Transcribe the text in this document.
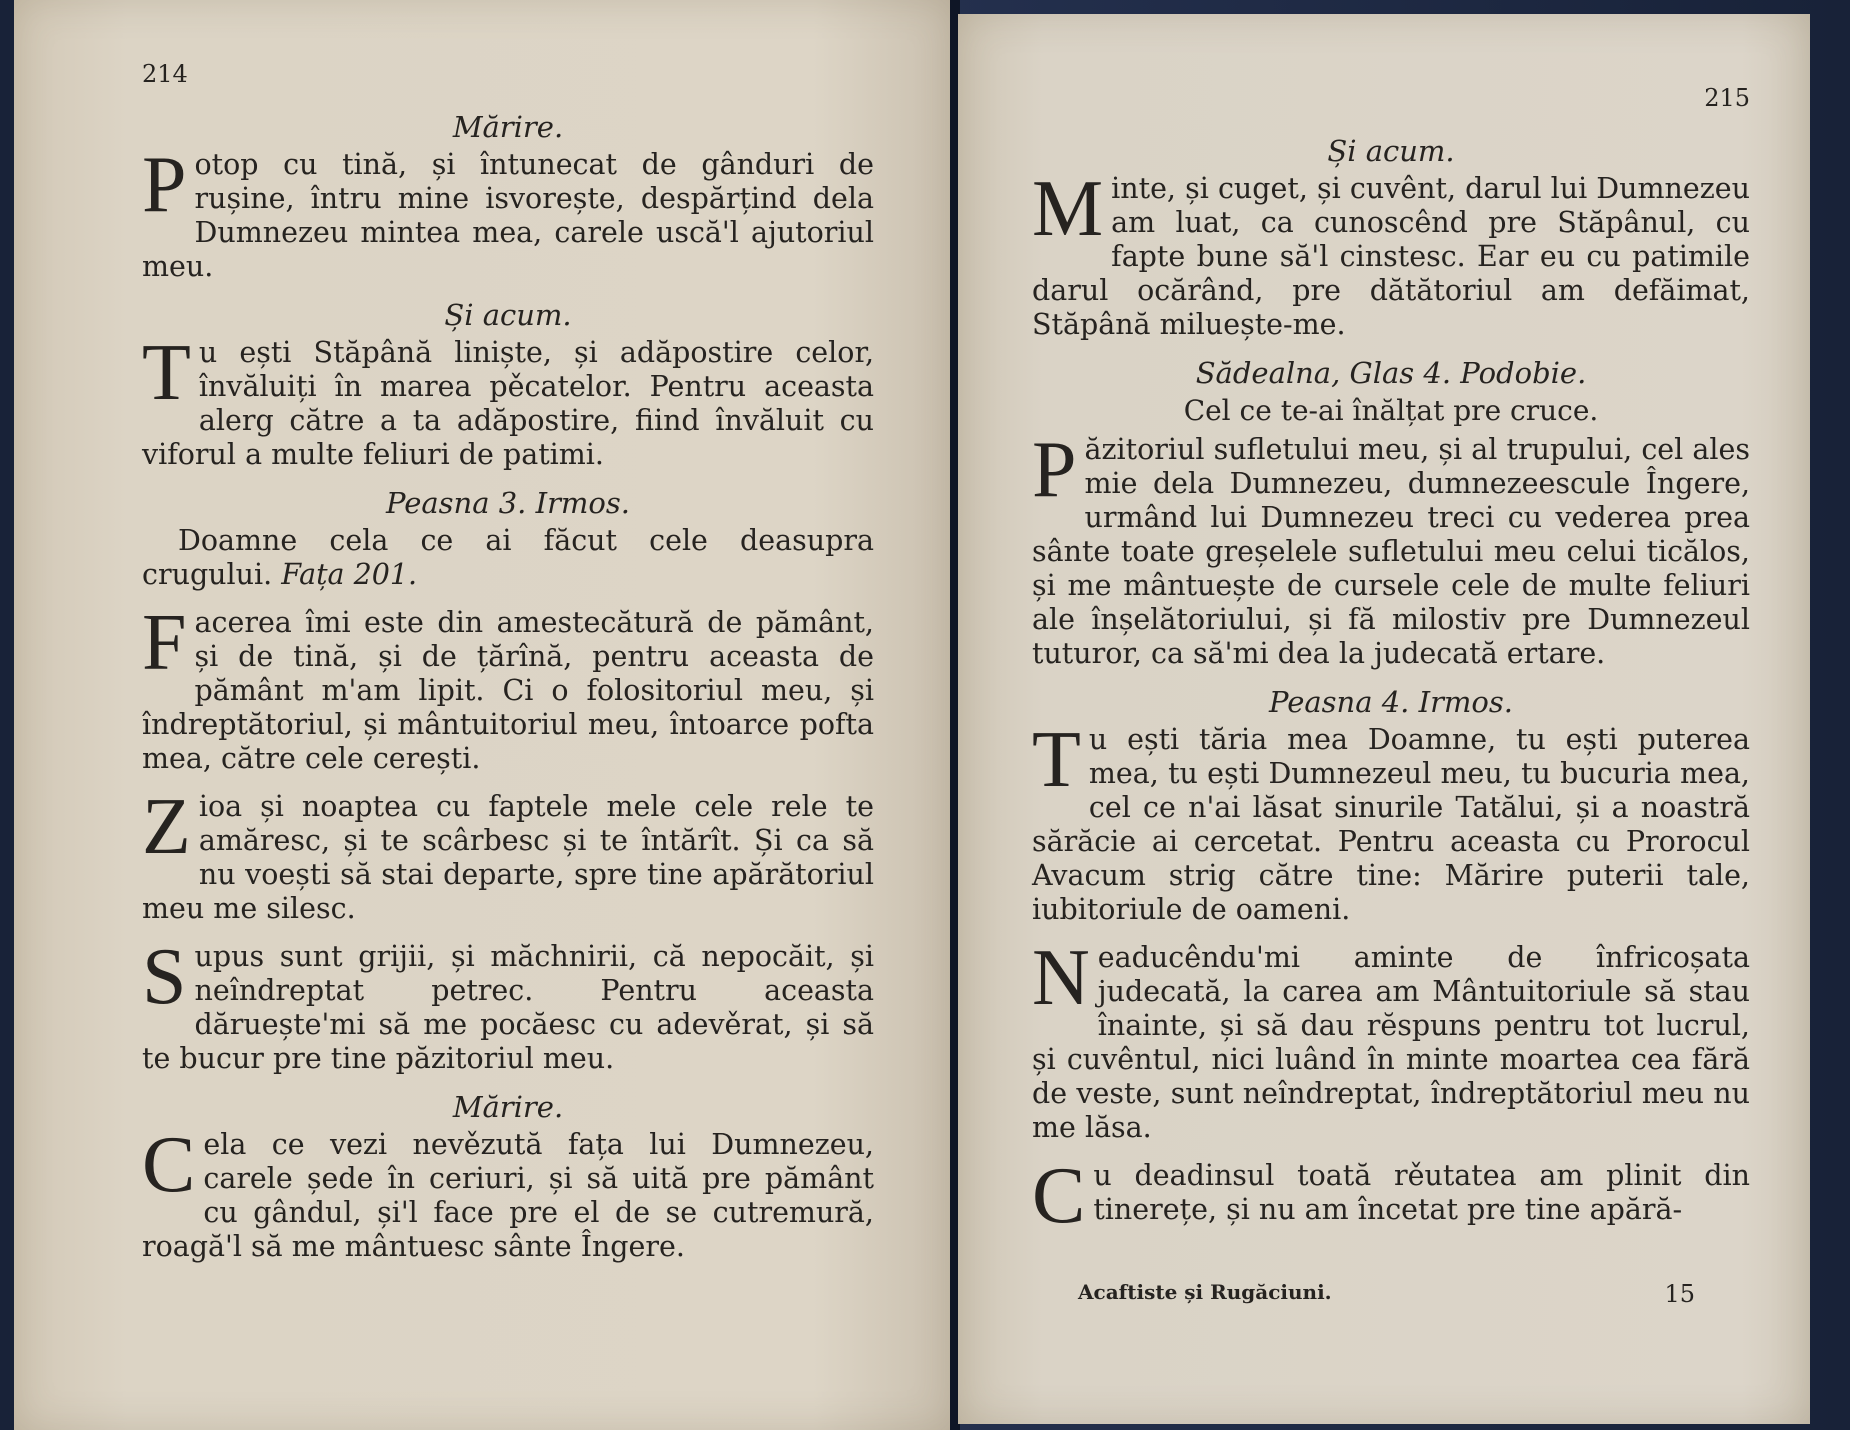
214
Mărire.

Potop cu tină, și întunecat de gânduri de rușine, întru mine isvorește, despărțind dela Dumnezeu mintea mea, carele uscă'l ajutoriul meu.

Și acum.

Tu ești Stăpână liniște, și adăpostire celor, învăluiți în marea pěcatelor. Pentru aceasta alerg către a ta adăpostire, fiind învăluit cu viforul a multe feliuri de patimi.

Peasna 3. Irmos.

Doamne cela ce ai făcut cele deasupra crugului. Fața 201.

Facerea îmi este din amestecătură de pământ, și de tină, și de țărînă, pentru aceasta de pământ m'am lipit. Ci o folositoriul meu, și îndreptătoriul, și mântuitoriul meu, întoarce pofta mea, către cele cerești.

Zioa și noaptea cu faptele mele cele rele te amăresc, și te scârbesc și te întărît. Și ca să nu voești să stai departe, spre tine apărătoriul meu me silesc.

Supus sunt grijii, și măchnirii, că nepocăit, și neîndreptat petrec. Pentru aceasta dăruește'mi să me pocăesc cu adevěrat, și să te bucur pre tine păzitoriul meu.

Mărire.

Cela ce vezi nevězută fața lui Dumnezeu, carele șede în ceriuri, și să uită pre pământ cu gândul, și'l face pre el de se cutremură, roagă'l să me mântuesc sânte Îngere.

215
Și acum.

Minte, și cuget, și cuvênt, darul lui Dumnezeu am luat, ca cunoscênd pre Stăpânul, cu fapte bune să'l cinstesc. Ear eu cu patimile darul ocărând, pre dătătoriul am defăimat, Stăpână miluește-me.

Sădealna, Glas 4. Podobie.
Cel ce te-ai înălțat pre cruce.

Păzitoriul sufletului meu, și al trupului, cel ales mie dela Dumnezeu, dumnezeescule Îngere, urmând lui Dumnezeu treci cu vederea prea sânte toate greșelele sufletului meu celui ticălos, și me mântuește de cursele cele de multe feliuri ale înșelătoriului, și fă milostiv pre Dumnezeul tuturor, ca să'mi dea la judecată ertare.

Peasna 4. Irmos.

Tu ești tăria mea Doamne, tu ești puterea mea, tu ești Dumnezeul meu, tu bucuria mea, cel ce n'ai lăsat sinurile Tatălui, și a noastră sărăcie ai cercetat. Pentru aceasta cu Prorocul Avacum strig către tine: Mărire puterii tale, iubitoriule de oameni.

Neaducêndu'mi aminte de înfricoșata judecată, la carea am Mântuitoriule să stau înainte, și să dau rĕspuns pentru tot lucrul, și cuvêntul, nici luând în minte moartea cea fără de veste, sunt neîndreptat, îndreptătoriul meu nu me lăsa.

Cu deadinsul toată rěutatea am plinit din tinerețe, și nu am încetat pre tine apără-

Acaftiste și Rugăciuni.	15
